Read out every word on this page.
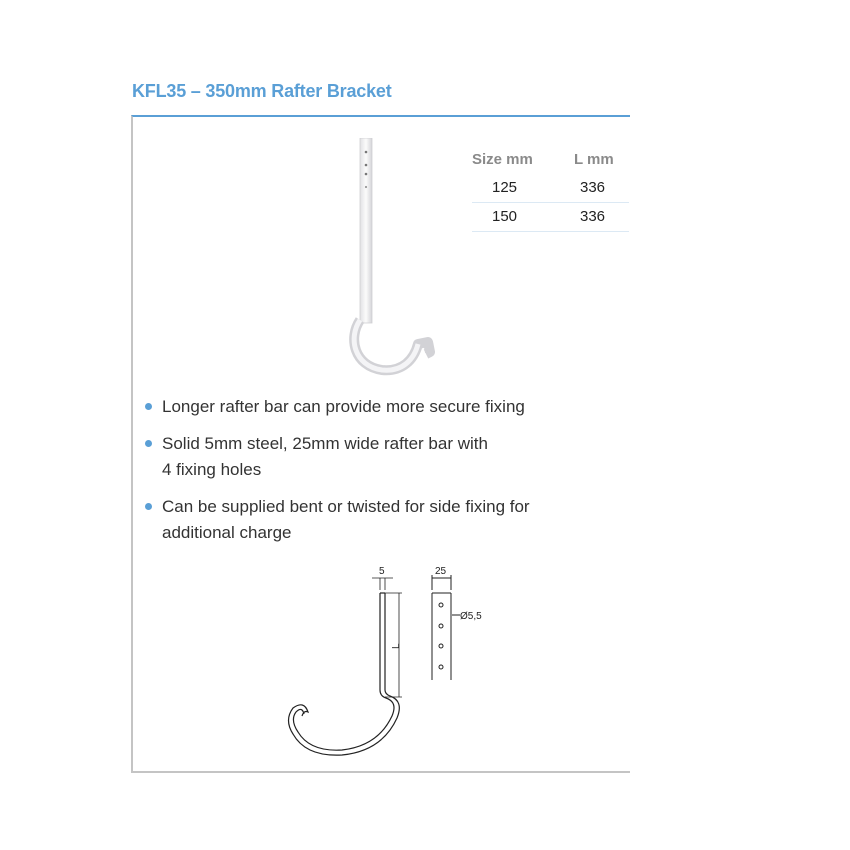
KFL35 – 350mm Rafter Bracket
Size mm	L mm
125	336
150	336
Longer rafter bar can provide more secure fixing
Solid 5mm steel, 25mm wide rafter bar with 4 fixing holes
Can be supplied bent or twisted for side fixing for additional charge
5
L
25
Ø5,5
